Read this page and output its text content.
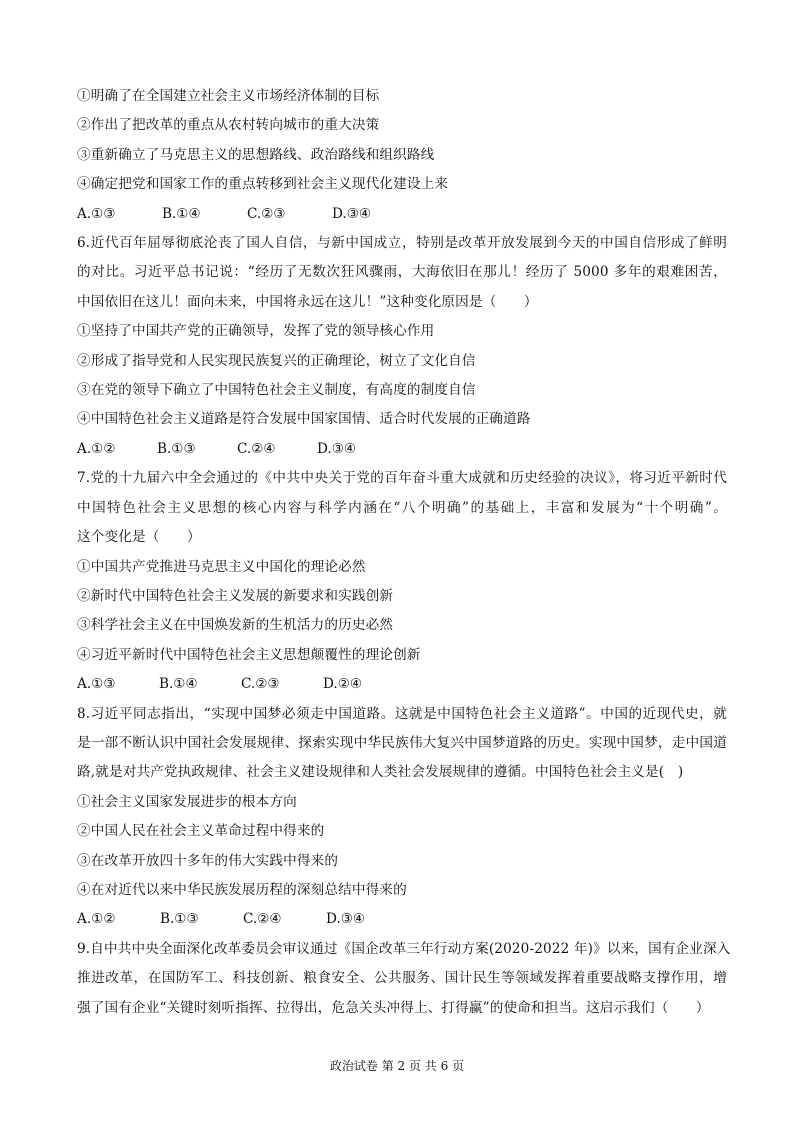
①明确了在全国建立社会主义市场经济体制的目标
②作出了把改革的重点从农村转向城市的重大决策
③重新确立了马克思主义的思想路线、政治路线和组织路线
④确定把党和国家工作的重点转移到社会主义现代化建设上来
A.①③	B.①④	C.②③	D.③④
6.近代百年屈辱彻底沦丧了国人自信，与新中国成立，特别是改革开放发展到今天的中国自信形成了鲜明
的对比。习近平总书记说：“经历了无数次狂风骤雨，大海依旧在那儿！经历了 5000 多年的艰难困苦，
中国依旧在这儿！面向未来，中国将永远在这儿！”这种变化原因是（　　）
①坚持了中国共产党的正确领导，发挥了党的领导核心作用
②形成了指导党和人民实现民族复兴的正确理论，树立了文化自信
③在党的领导下确立了中国特色社会主义制度，有高度的制度自信
④中国特色社会主义道路是符合发展中国家国情、适合时代发展的正确道路
A.①②	B.①③	C.②④	D.③④
7.党的十九届六中全会通过的《中共中央关于党的百年奋斗重大成就和历史经验的决议》，将习近平新时代
中国特色社会主义思想的核心内容与科学内涵在“八个明确”的基础上，丰富和发展为“十个明确”。
这个变化是（　　）
①中国共产党推进马克思主义中国化的理论必然
②新时代中国特色社会主义发展的新要求和实践创新
③科学社会主义在中国焕发新的生机活力的历史必然
④习近平新时代中国特色社会主义思想颠覆性的理论创新
A.①③	B.①④	C.②③	D.②④
8.习近平同志指出，“实现中国梦必须走中国道路。这就是中国特色社会主义道路”。中国的近现代史，就
是一部不断认识中国社会发展规律、探索实现中华民族伟大复兴中国梦道路的历史。实现中国梦，走中国道
路,就是对共产党执政规律、社会主义建设规律和人类社会发展规律的遵循。中国特色社会主义是(　)
①社会主义国家发展进步的根本方向
②中国人民在社会主义革命过程中得来的
③在改革开放四十多年的伟大实践中得来的
④在对近代以来中华民族发展历程的深刻总结中得来的
A.①②	B.①③	C.②④	D.③④
9.自中共中央全面深化改革委员会审议通过《国企改革三年行动方案(2020-2022 年)》以来，国有企业深入
推进改革，在国防军工、科技创新、粮食安全、公共服务、国计民生等领域发挥着重要战略支撑作用，增
强了国有企业“关键时刻听指挥、拉得出，危急关头冲得上、打得赢”的使命和担当。这启示我们（　　）
政治试卷 第 2 页 共 6 页
